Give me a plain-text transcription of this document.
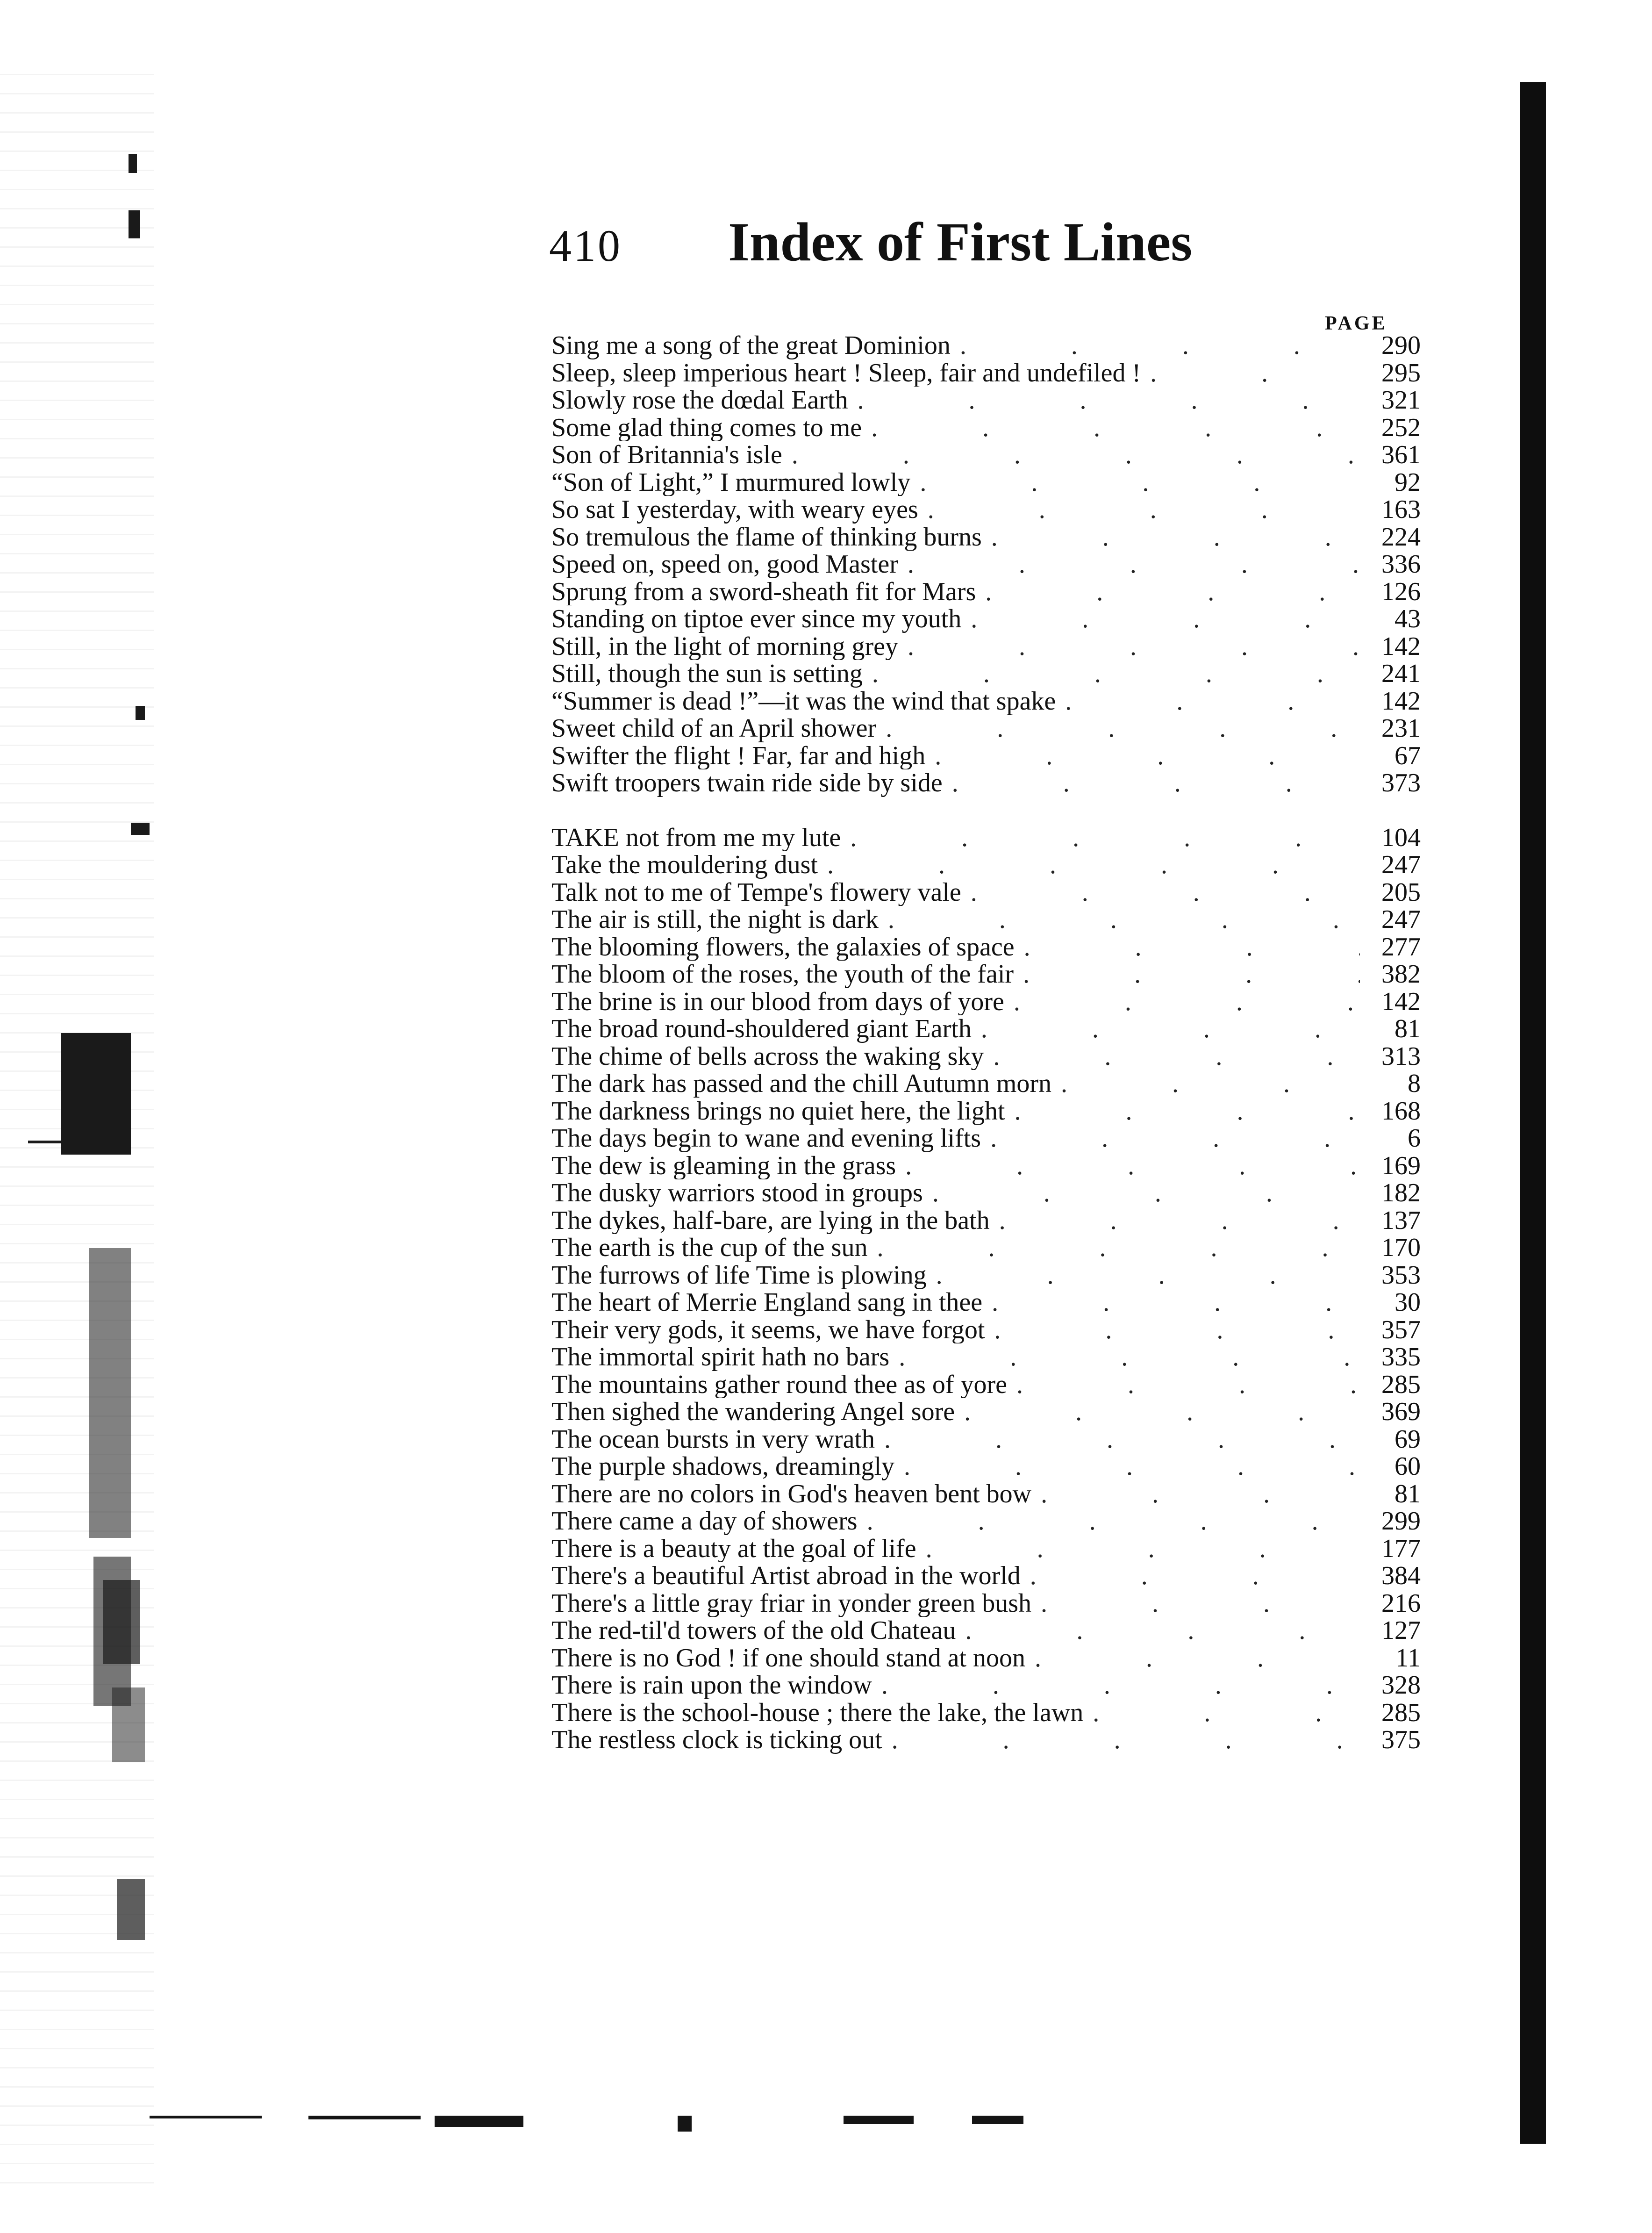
410 Index of First Lines
PAGE
Sing me a song of the great Dominion .	290
Sleep, sleep imperious heart ! Sleep, fair and undefiled ! .	295
Slowly rose the dœdal Earth .	321
Some glad thing comes to me .	252
Son of Britannia's isle .	361
“Son of Light,” I murmured lowly .	92
So sat I yesterday, with weary eyes .	163
So tremulous the flame of thinking burns .	224
Speed on, speed on, good Master .	336
Sprung from a sword-sheath fit for Mars .	126
Standing on tiptoe ever since my youth .	43
Still, in the light of morning grey .	142
Still, though the sun is setting .	241
“Summer is dead !”—it was the wind that spake .	142
Sweet child of an April shower .	231
Swifter the flight ! Far, far and high .	67
Swift troopers twain ride side by side .	373
TAKE not from me my lute .	104
Take the mouldering dust .	247
Talk not to me of Tempe's flowery vale .	205
The air is still, the night is dark .	247
The blooming flowers, the galaxies of space .	277
The bloom of the roses, the youth of the fair .	382
The brine is in our blood from days of yore .	142
The broad round-shouldered giant Earth .	81
The chime of bells across the waking sky .	313
The dark has passed and the chill Autumn morn .	8
The darkness brings no quiet here, the light .	168
The days begin to wane and evening lifts .	6
The dew is gleaming in the grass .	169
The dusky warriors stood in groups .	182
The dykes, half-bare, are lying in the bath .	137
The earth is the cup of the sun .	170
The furrows of life Time is plowing .	353
The heart of Merrie England sang in thee .	30
Their very gods, it seems, we have forgot .	357
The immortal spirit hath no bars .	335
The mountains gather round thee as of yore .	285
Then sighed the wandering Angel sore .	369
The ocean bursts in very wrath .	69
The purple shadows, dreamingly .	60
There are no colors in God's heaven bent bow .	81
There came a day of showers .	299
There is a beauty at the goal of life .	177
There's a beautiful Artist abroad in the world .	384
There's a little gray friar in yonder green bush .	216
The red-til'd towers of the old Chateau .	127
There is no God ! if one should stand at noon .	11
There is rain upon the window .	328
There is the school-house ; there the lake, the lawn .	285
The restless clock is ticking out .	375
